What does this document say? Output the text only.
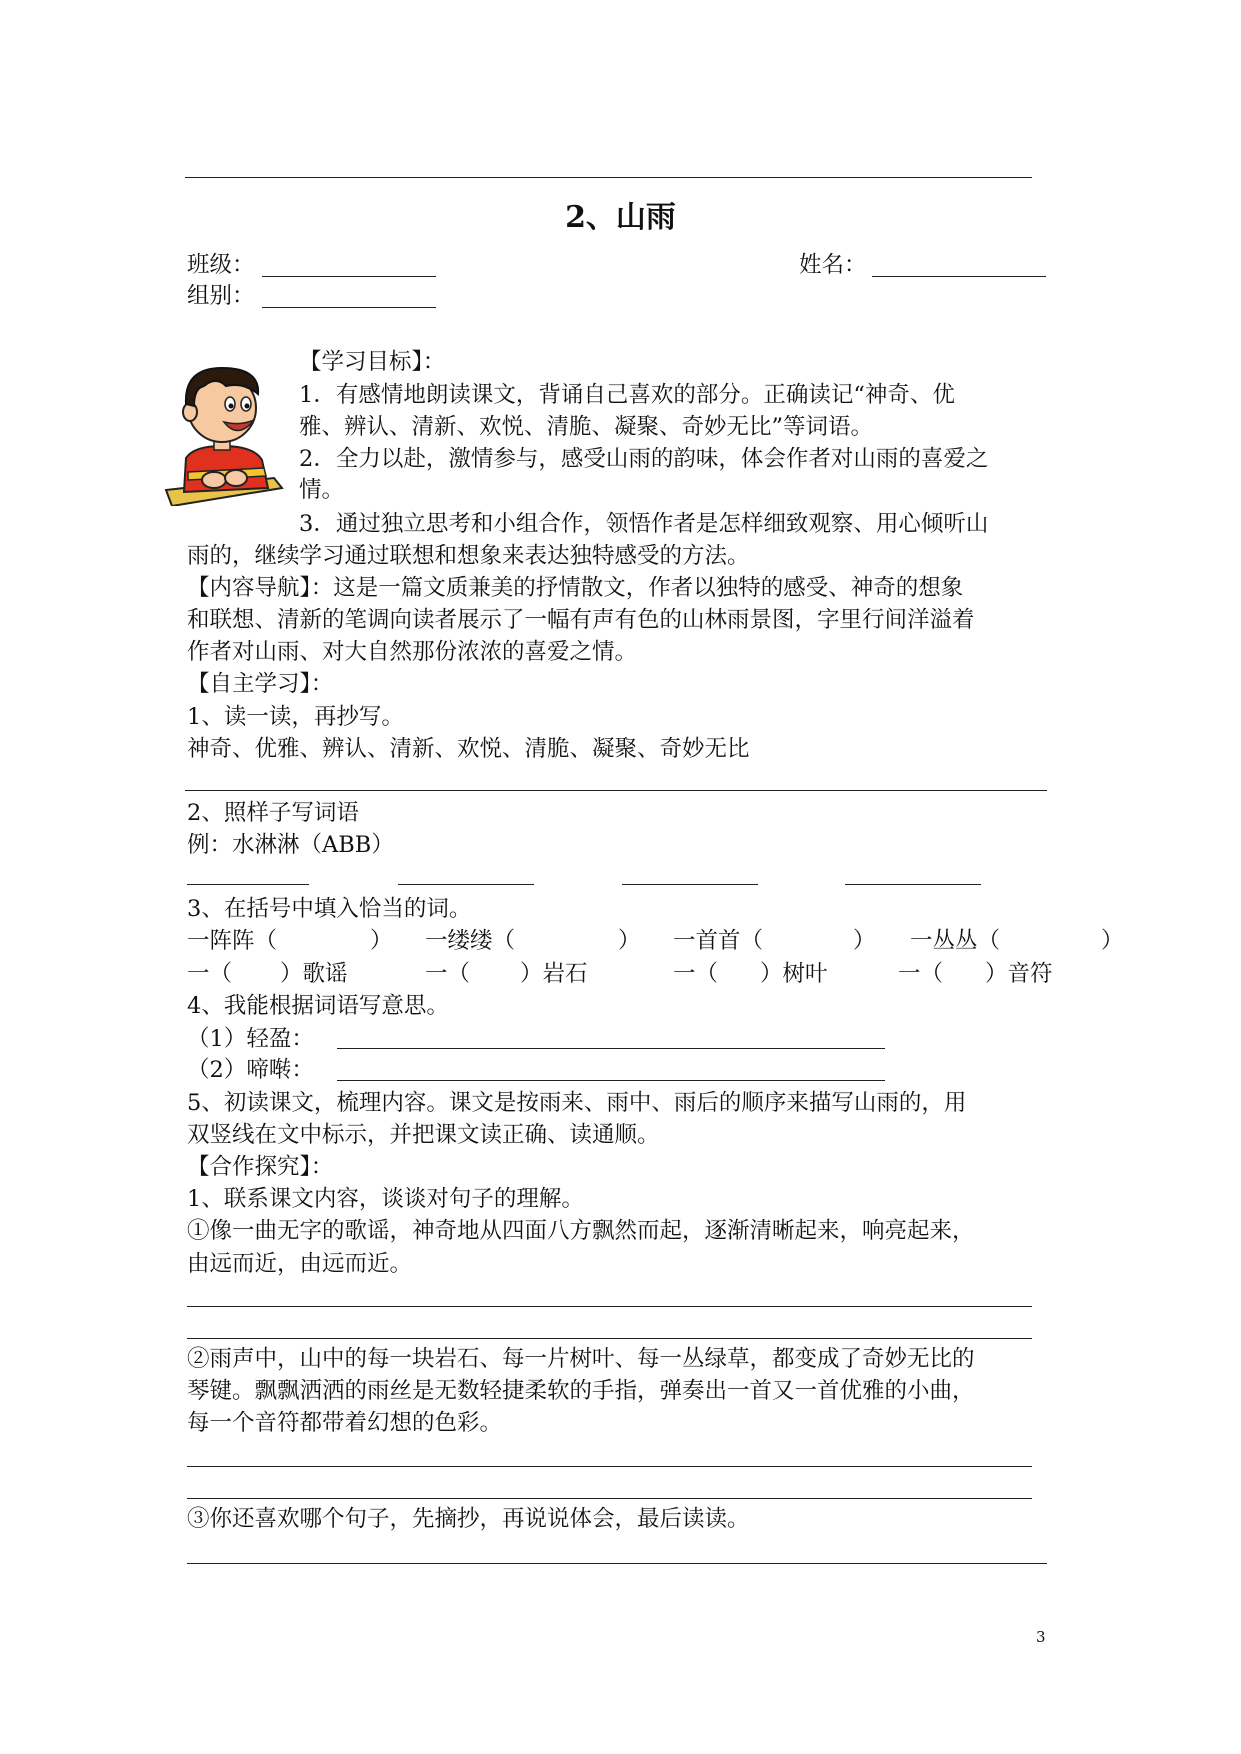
2、山雨
班级：	姓名：
组别：
【学习目标】：
1．有感情地朗读课文，背诵自己喜欢的部分。正确读记“神奇、优
雅、辨认、清新、欢悦、清脆、凝聚、奇妙无比”等词语。
2．全力以赴，激情参与，感受山雨的韵味，体会作者对山雨的喜爱之
情。
3．通过独立思考和小组合作，领悟作者是怎样细致观察、用心倾听山
雨的，继续学习通过联想和想象来表达独特感受的方法。
【内容导航】：这是一篇文质兼美的抒情散文，作者以独特的感受、神奇的想象
和联想、清新的笔调向读者展示了一幅有声有色的山林雨景图，字里行间洋溢着
作者对山雨、对大自然那份浓浓的喜爱之情。
【自主学习】：
1、读一读，再抄写。
神奇、优雅、辨认、清新、欢悦、清脆、凝聚、奇妙无比
2、照样子写词语
例：水淋淋（ABB）
3、在括号中填入恰当的词。
一阵阵（	） 一缕缕（	） 一首首（	） 一丛丛（	）
一（ ）歌谣	一（ ）岩石	一（ ）树叶	一（ ）音符
4、我能根据词语写意思。
（1）轻盈：
（2）啼啭：
5、初读课文，梳理内容。课文是按雨来、雨中、雨后的顺序来描写山雨的，用
双竖线在文中标示，并把课文读正确、读通顺。
【合作探究】：
1、联系课文内容，谈谈对句子的理解。
①像一曲无字的歌谣，神奇地从四面八方飘然而起，逐渐清晰起来，响亮起来，
由远而近，由远而近。
②雨声中，山中的每一块岩石、每一片树叶、每一丛绿草，都变成了奇妙无比的
琴键。飘飘洒洒的雨丝是无数轻捷柔软的手指，弹奏出一首又一首优雅的小曲，
每一个音符都带着幻想的色彩。
③你还喜欢哪个句子，先摘抄，再说说体会，最后读读。
3
